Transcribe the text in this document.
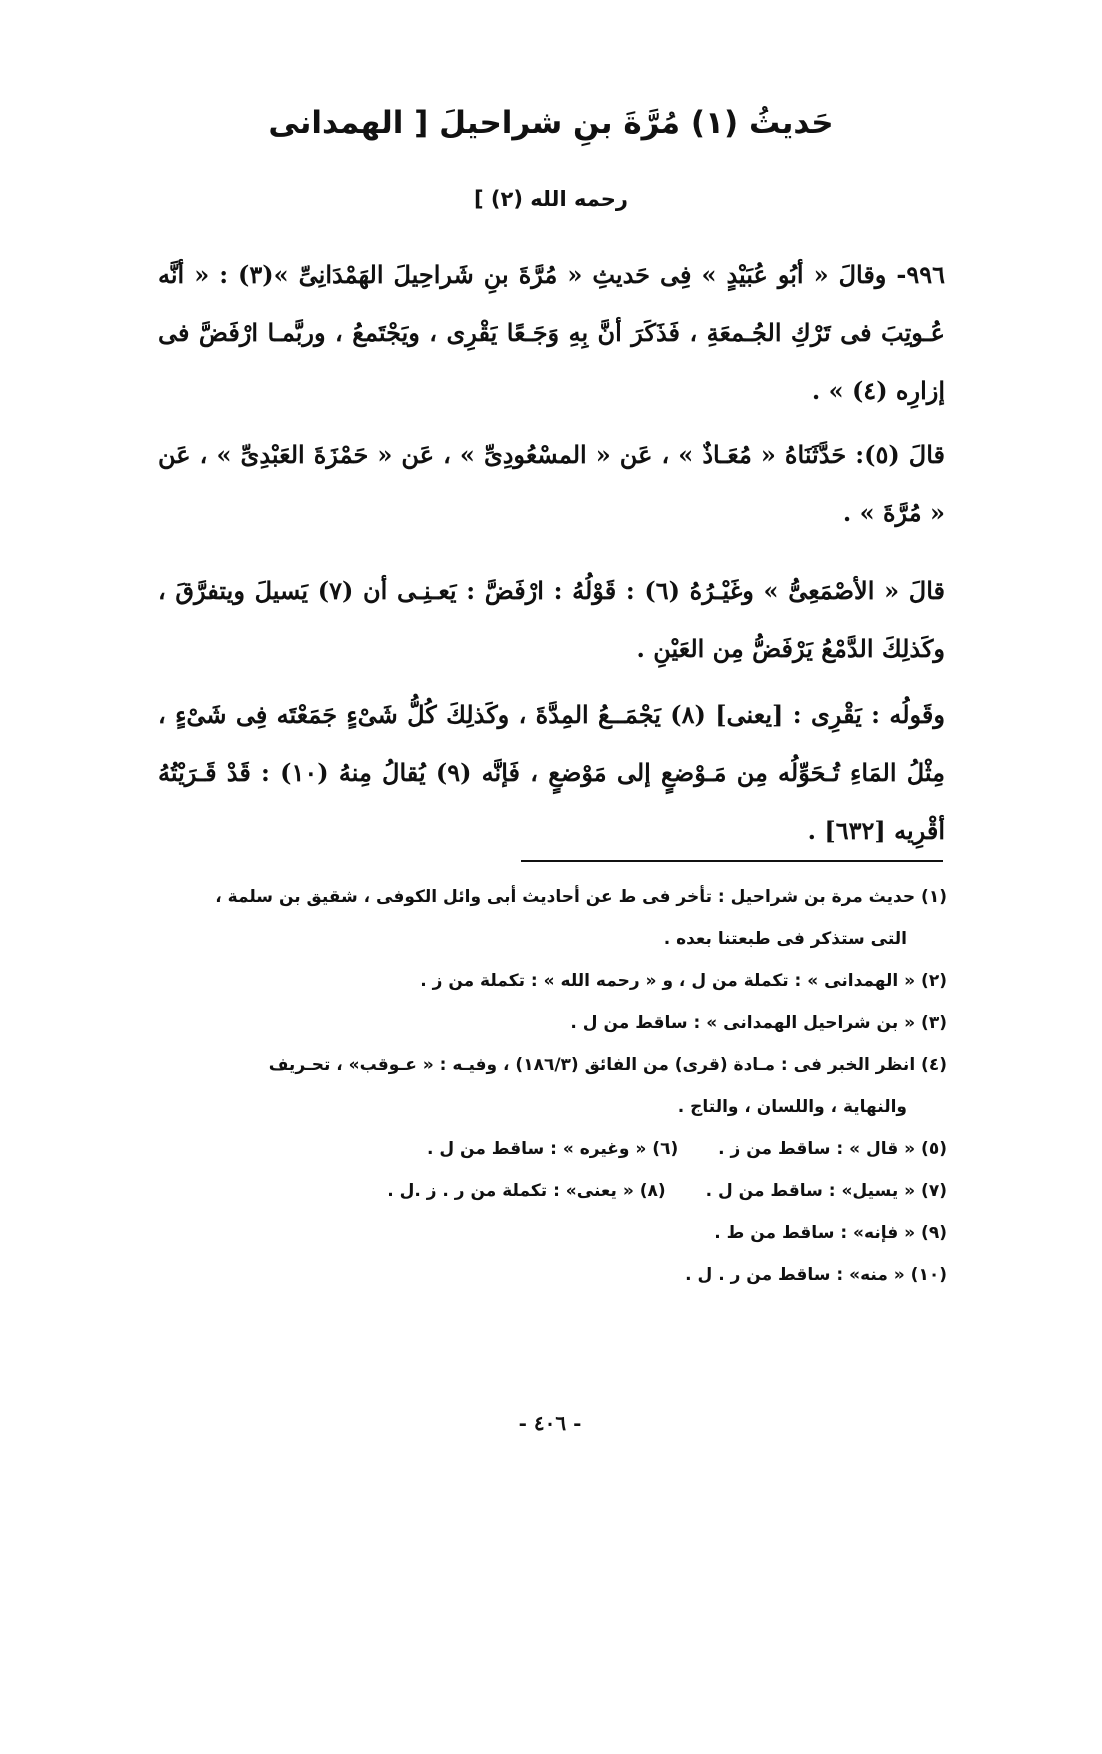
حَديثُ (١) مُرَّةَ بنِ شراحيلَ [ الهمدانى
رحمه الله (٢) ]
٩٩٦- وقالَ « أبُو عُبَيْدٍ » فِى حَديثِ « مُرَّةَ بنِ شَراحِيلَ الهَمْدَانِىِّ »(٣) : « أنَّه عُـوتِبَ فى تَرْكِ الجُـمعَةِ ، فَذَكَرَ أنَّ بِهِ وَجَـعًا يَقْرِى ، ويَجْتَمعُ ، وربَّمـا ارْفَضَّ فى إزارِه (٤) » .
قالَ (٥): حَدَّثَنَاهُ « مُعَـاذٌ » ، عَن « المسْعُودِىِّ » ، عَن « حَمْزَةَ العَبْدِىِّ » ، عَن « مُرَّةَ » .
قالَ « الأصْمَعِىُّ » وغَيْـرُهُ (٦) : قَوْلُهُ : ارْفَضَّ : يَعـنِـى أن (٧) يَسيلَ ويتفرَّقَ ، وكَذلِكَ الدَّمْعُ يَرْفَضُّ مِن العَيْنِ .
وقَولُه : يَقْرِى : [يعنى] (٨) يَجْمَــعُ المِدَّةَ ، وكَذلِكَ كُلُّ شَىْءٍ جَمَعْتَه فِى شَىْءٍ ، مِثْلُ المَاءِ تُـحَوِّلُه مِن مَـوْضعٍ إلى مَوْضعٍ ، فَإنَّه (٩) يُقالُ مِنهُ (١٠) : قَدْ قَـرَيْتُهُ أقْرِيه [٦٣٢] .
(١) حديث مرة بن شراحيل : تأخر فى ط عن أحاديث أبى وائل الكوفى ، شقيق بن سلمة ،
التى ستذكر فى طبعتنا بعده .
(٢) « الهمدانى » : تكملة من ل ، و « رحمه الله » : تكملة من ز .
(٣) « بن شراحيل الهمدانى » : ساقط من ل .
(٤) انظر الخبر فى : مـادة (قرى) من الفائق (١٨٦/٣) ، وفيـه : « عـوقب» ، تحـريف
والنهاية ، واللسان ، والتاج .
(٥) « قال » : ساقط من ز . (٦) « وغيره » : ساقط من ل .
(٧) « يسيل» : ساقط من ل . (٨) « يعنى» : تكملة من ر . ز .ل .
(٩) « فإنه» : ساقط من ط .
(١٠) « منه» : ساقط من ر . ل .
- ٤٠٦ -
